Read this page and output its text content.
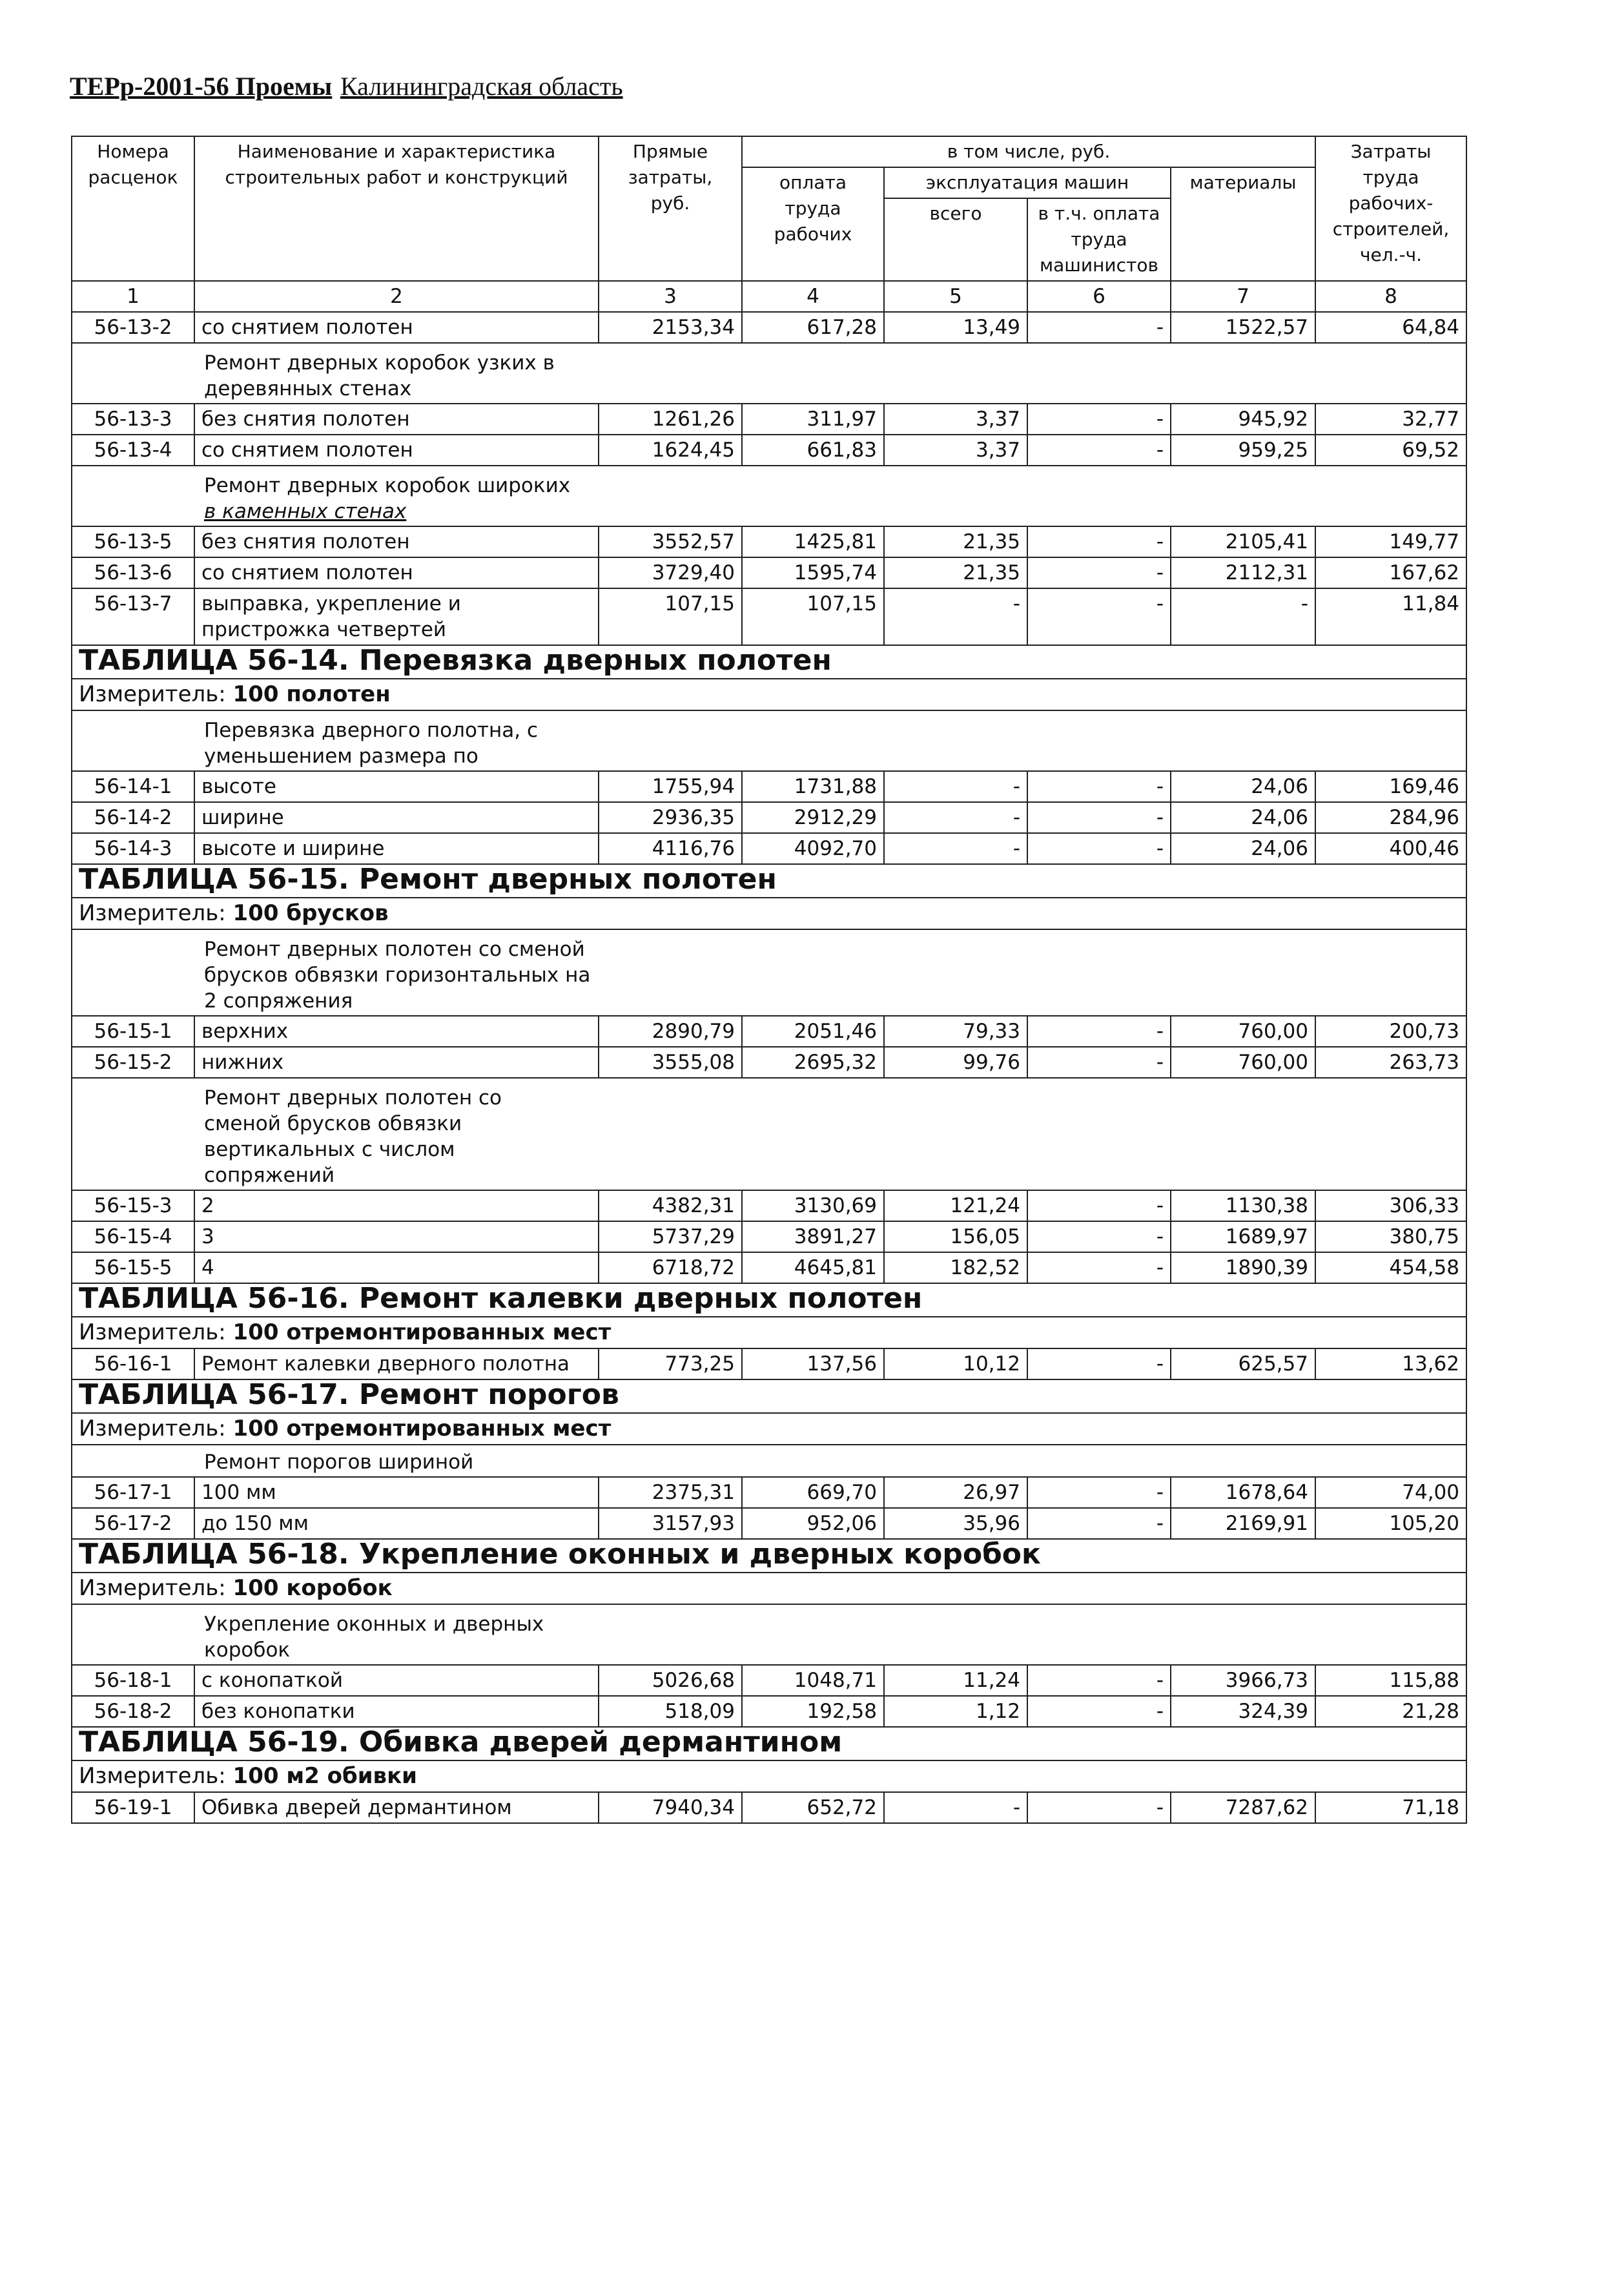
ТЕРр-2001-56 Проемы Калининградская область
Номера расценок	Наименование и характеристика строительных работ и конструкций	Прямые затраты, руб.	в том числе, руб.				Затраты труда рабочих-строителей, чел.-ч.
			оплата труда рабочих	эксплуатация машин		материалы	
				всего	в т.ч. оплата труда машинистов		
1	2	3	4	5	6	7	8
56-13-2	со снятием полотен	2153,34	617,28	13,49	-	1522,57	64,84

Ремонт дверных коробок узких в деревянных стенах							

56-13-3	без снятия полотен	1261,26	311,97	3,37	-	945,92	32,77
56-13-4	со снятием полотен	1624,45	661,83	3,37	-	959,25	69,52

Ремонт дверных коробок широких
в каменных стенах							

56-13-5	без снятия полотен	3552,57	1425,81	21,35	-	2105,41	149,77
56-13-6	со снятием полотен	3729,40	1595,74	21,35	-	2112,31	167,62
56-13-7	выправка, укрепление и пристрожка четвертей	107,15	107,15	-	-	-	11,84
ТАБЛИЦА 56-14. Перевязка дверных полотен							
Измеритель: 100 полотен							

Перевязка дверного полотна, с уменьшением размера по							

56-14-1	высоте	1755,94	1731,88	-	-	24,06	169,46
56-14-2	ширине	2936,35	2912,29	-	-	24,06	284,96
56-14-3	высоте и ширине	4116,76	4092,70	-	-	24,06	400,46
ТАБЛИЦА 56-15. Ремонт дверных полотен							
Измеритель: 100 брусков							

Ремонт дверных полотен со сменой брусков обвязки горизонтальных на 2 сопряжения							

56-15-1	верхних	2890,79	2051,46	79,33	-	760,00	200,73
56-15-2	нижних	3555,08	2695,32	99,76	-	760,00	263,73

Ремонт дверных полотен со сменой брусков обвязки вертикальных с числом сопряжений							

56-15-3	2	4382,31	3130,69	121,24	-	1130,38	306,33
56-15-4	3	5737,29	3891,27	156,05	-	1689,97	380,75
56-15-5	4	6718,72	4645,81	182,52	-	1890,39	454,58
ТАБЛИЦА 56-16. Ремонт калевки дверных полотен							
Измеритель: 100 отремонтированных мест							
56-16-1	Ремонт калевки дверного полотна	773,25	137,56	10,12	-	625,57	13,62
ТАБЛИЦА 56-17. Ремонт порогов							
Измеритель: 100 отремонтированных мест							

Ремонт порогов шириной							

56-17-1	100 мм	2375,31	669,70	26,97	-	1678,64	74,00
56-17-2	до 150 мм	3157,93	952,06	35,96	-	2169,91	105,20
ТАБЛИЦА 56-18. Укрепление оконных и дверных коробок							
Измеритель: 100 коробок							

Укрепление оконных и дверных коробок							

56-18-1	с конопаткой	5026,68	1048,71	11,24	-	3966,73	115,88
56-18-2	без конопатки	518,09	192,58	1,12	-	324,39	21,28
ТАБЛИЦА 56-19. Обивка дверей дермантином							
Измеритель: 100 м2 обивки							
56-19-1	Обивка дверей дермантином	7940,34	652,72	-	-	7287,62	71,18
